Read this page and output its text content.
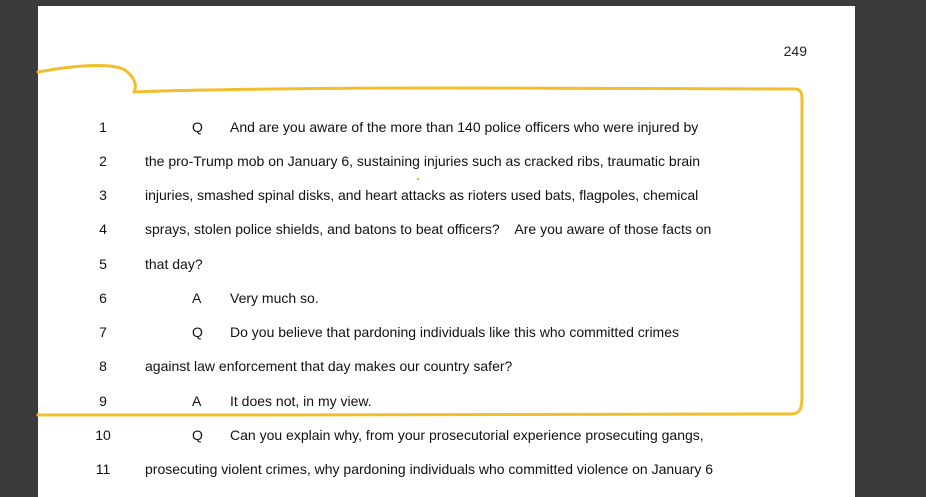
249
1	Q And are you aware of the more than 140 police officers who were injured by
2	the pro-Trump mob on January 6, sustaining injuries such as cracked ribs, traumatic brain
3	injuries, smashed spinal disks, and heart attacks as rioters used bats, flagpoles, chemical
4	sprays, stolen police shields, and batons to beat officers?    Are you aware of those facts on
5	that day?
6	A Very much so.
7	Q Do you believe that pardoning individuals like this who committed crimes
8	against law enforcement that day makes our country safer?
9	A It does not, in my view.
10	Q Can you explain why, from your prosecutorial experience prosecuting gangs,
11	prosecuting violent crimes, why pardoning individuals who committed violence on January 6
